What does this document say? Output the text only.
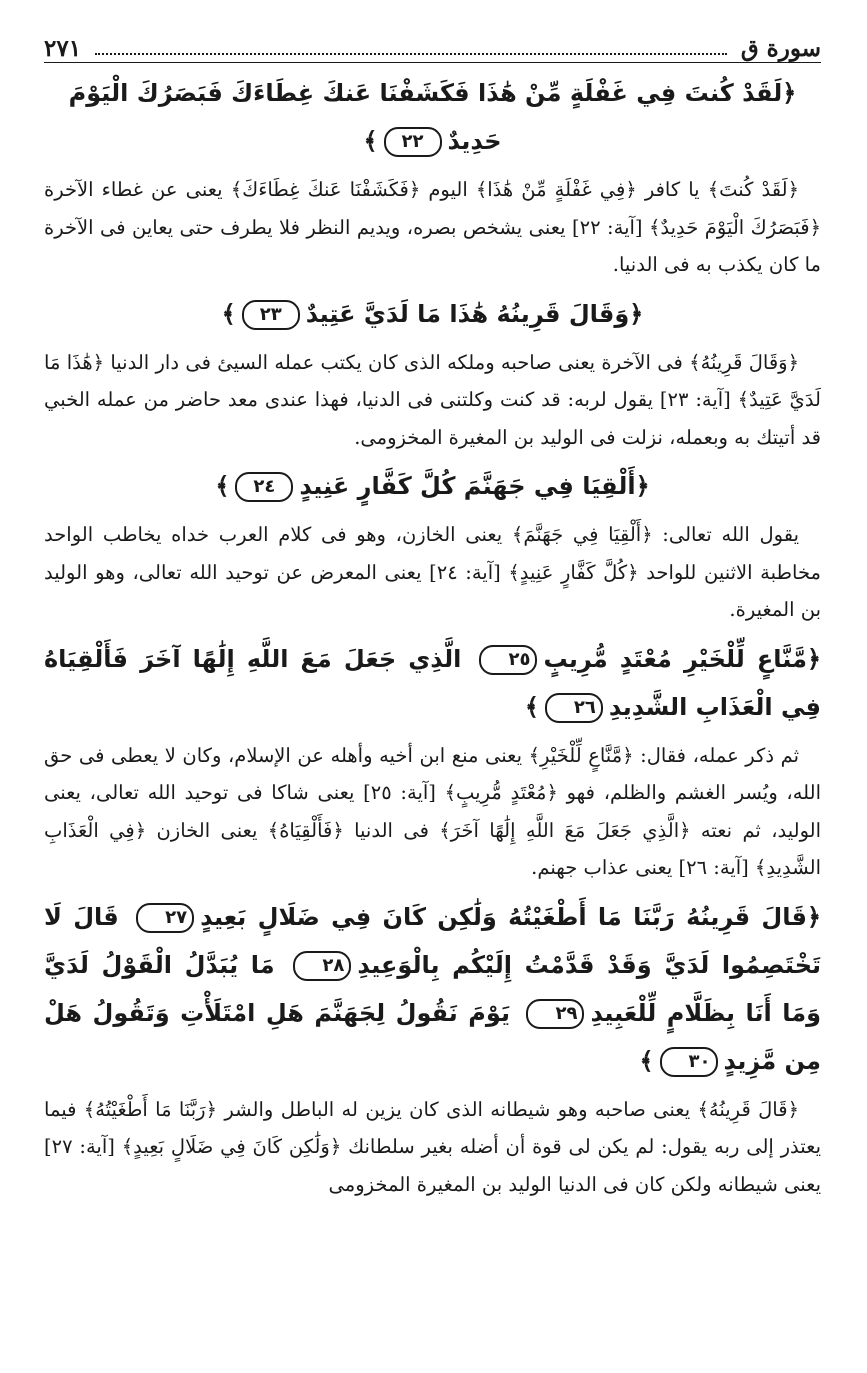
سورة ق
٢٧١
﴿لَقَدْ كُنتَ فِي غَفْلَةٍ مِّنْ هَٰذَا فَكَشَفْنَا عَنكَ غِطَاءَكَ فَبَصَرُكَ الْيَوْمَ حَدِيدٌ٢٢﴾

﴿لَقَدْ كُنتَ﴾ يا كافر ﴿فِي غَفْلَةٍ مِّنْ هَٰذَا﴾ اليوم ﴿فَكَشَفْنَا عَنكَ غِطَاءَكَ﴾ يعنى عن غطاء الآخرة ﴿فَبَصَرُكَ الْيَوْمَ حَدِيدٌ﴾ [آية: ٢٢] يعنى يشخص بصره، ويديم النظر فلا يطرف حتى يعاين فى الآخرة ما كان يكذب به فى الدنيا.

﴿وَقَالَ قَرِينُهُ هَٰذَا مَا لَدَيَّ عَتِيدٌ٢٣﴾

﴿وَقَالَ قَرِينُهُ﴾ فى الآخرة يعنى صاحبه وملكه الذى كان يكتب عمله السيئ فى دار الدنيا ﴿هَٰذَا مَا لَدَيَّ عَتِيدٌ﴾ [آية: ٢٣] يقول لربه: قد كنت وكلتنى فى الدنيا، فهذا عندى معد حاضر من عمله الخبي قد أتيتك به وبعمله، نزلت فى الوليد بن المغيرة المخزومى.

﴿أَلْقِيَا فِي جَهَنَّمَ كُلَّ كَفَّارٍ عَنِيدٍ٢٤﴾

يقول الله تعالى: ﴿أَلْقِيَا فِي جَهَنَّمَ﴾ يعنى الخازن، وهو فى كلام العرب خداه يخاطب الواحد مخاطبة الاثنين للواحد ﴿كُلَّ كَفَّارٍ عَنِيدٍ﴾ [آية: ٢٤] يعنى المعرض عن توحيد الله تعالى، وهو الوليد بن المغيرة.

﴿مَّنَّاعٍ لِّلْخَيْرِ مُعْتَدٍ مُّرِيبٍ٢٥ الَّذِي جَعَلَ مَعَ اللَّهِ إِلَٰهًا آخَرَ فَأَلْقِيَاهُ فِي الْعَذَابِ الشَّدِيدِ٢٦﴾

ثم ذكر عمله، فقال: ﴿مَّنَّاعٍ لِّلْخَيْرِ﴾ يعنى منع ابن أخيه وأهله عن الإسلام، وكان لا يعطى فى حق الله، ويُسر الغشم والظلم، فهو ﴿مُعْتَدٍ مُّرِيبٍ﴾ [آية: ٢٥] يعنى شاكا فى توحيد الله تعالى، يعنى الوليد، ثم نعته ﴿الَّذِي جَعَلَ مَعَ اللَّهِ إِلَٰهًا آخَرَ﴾ فى الدنيا ﴿فَأَلْقِيَاهُ﴾ يعنى الخازن ﴿فِي الْعَذَابِ الشَّدِيدِ﴾ [آية: ٢٦] يعنى عذاب جهنم.

﴿قَالَ قَرِينُهُ رَبَّنَا مَا أَطْغَيْتُهُ وَلَٰكِن كَانَ فِي ضَلَالٍ بَعِيدٍ٢٧ قَالَ لَا تَخْتَصِمُوا لَدَيَّ وَقَدْ قَدَّمْتُ إِلَيْكُم بِالْوَعِيدِ٢٨ مَا يُبَدَّلُ الْقَوْلُ لَدَيَّ وَمَا أَنَا بِظَلَّامٍ لِّلْعَبِيدِ٢٩ يَوْمَ نَقُولُ لِجَهَنَّمَ هَلِ امْتَلَأْتِ وَتَقُولُ هَلْ مِن مَّزِيدٍ٣٠﴾

﴿قَالَ قَرِينُهُ﴾ يعنى صاحبه وهو شيطانه الذى كان يزين له الباطل والشر ﴿رَبَّنَا مَا أَطْغَيْتُهُ﴾ فيما يعتذر إلى ربه يقول: لم يكن لى قوة أن أضله بغير سلطانك ﴿وَلَٰكِن كَانَ فِي ضَلَالٍ بَعِيدٍ﴾ [آية: ٢٧] يعنى شيطانه ولكن كان فى الدنيا الوليد بن المغيرة المخزومى
